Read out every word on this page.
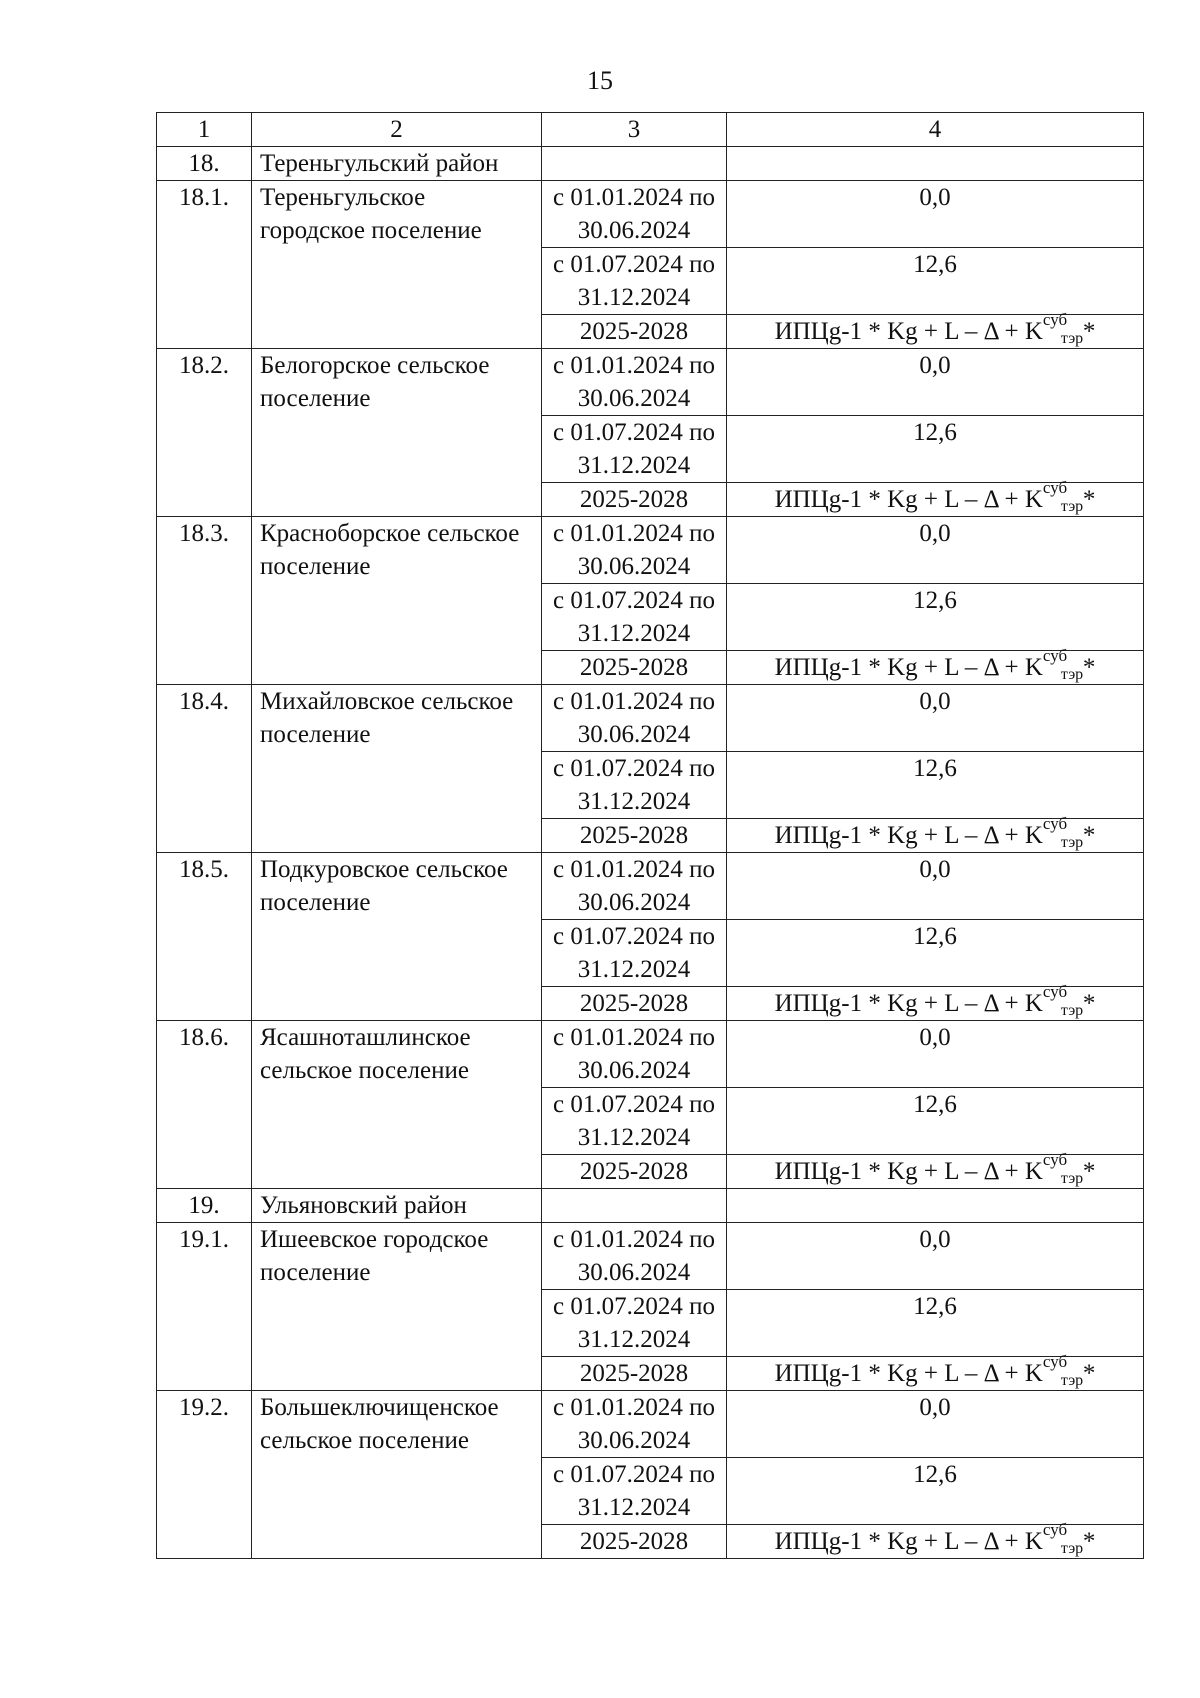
15
1	2	3	4
18.	Тереньгульский район		
18.1.	Тереньгульское городское поселение	с 01.01.2024 по 30.06.2024	0,0
		с 01.07.2024 по 31.12.2024	12,6
		2025-2028	ИПЦg-1 * Kg + L – Δ + K суб
тэр *
18.2.	Белогорское сельское поселение	с 01.01.2024 по 30.06.2024	0,0
		с 01.07.2024 по 31.12.2024	12,6
		2025-2028	ИПЦg-1 * Kg + L – Δ + K суб
тэр *
18.3.	Красноборское сельское поселение	с 01.01.2024 по 30.06.2024	0,0
		с 01.07.2024 по 31.12.2024	12,6
		2025-2028	ИПЦg-1 * Kg + L – Δ + K суб
тэр *
18.4.	Михайловское сельское поселение	с 01.01.2024 по 30.06.2024	0,0
		с 01.07.2024 по 31.12.2024	12,6
		2025-2028	ИПЦg-1 * Kg + L – Δ + K суб
тэр *
18.5.	Подкуровское сельское поселение	с 01.01.2024 по 30.06.2024	0,0
		с 01.07.2024 по 31.12.2024	12,6
		2025-2028	ИПЦg-1 * Kg + L – Δ + K суб
тэр *
18.6.	Ясашноташлинское сельское поселение	с 01.01.2024 по 30.06.2024	0,0
		с 01.07.2024 по 31.12.2024	12,6
		2025-2028	ИПЦg-1 * Kg + L – Δ + K суб
тэр *
19.	Ульяновский район		
19.1.	Ишеевское городское поселение	с 01.01.2024 по 30.06.2024	0,0
		с 01.07.2024 по 31.12.2024	12,6
		2025-2028	ИПЦg-1 * Kg + L – Δ + K суб
тэр *
19.2.	Большеключищенское сельское поселение	с 01.01.2024 по 30.06.2024	0,0
		с 01.07.2024 по 31.12.2024	12,6
		2025-2028	ИПЦg-1 * Kg + L – Δ + K суб
тэр *
